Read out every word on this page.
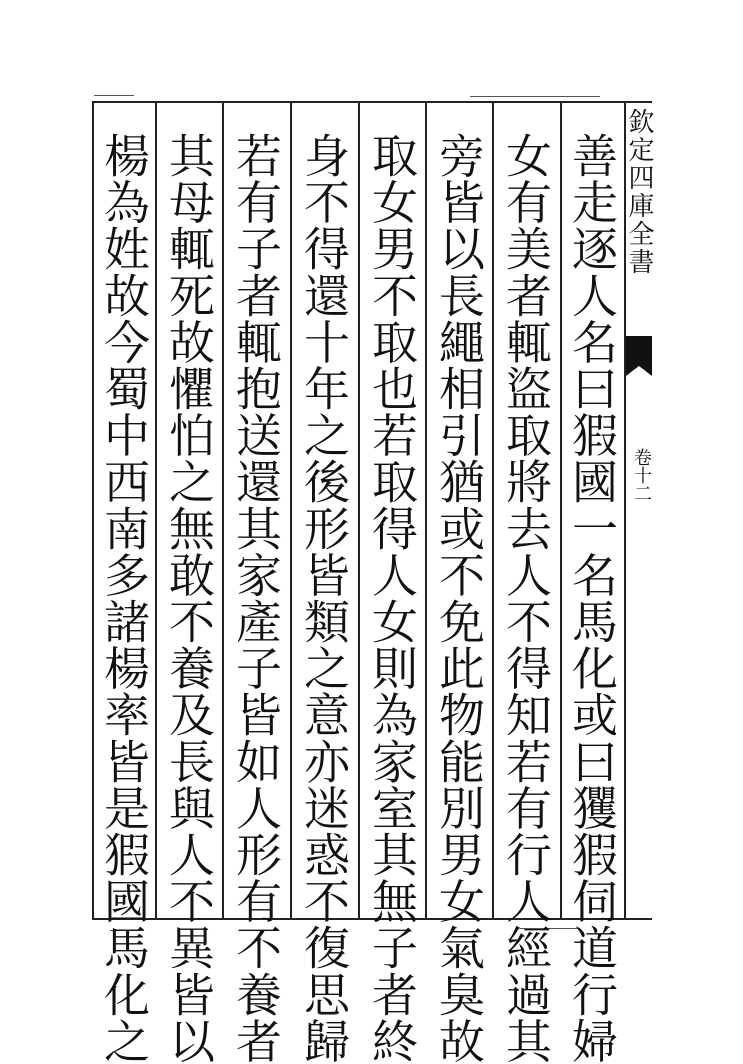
善走逐人名曰猳國一名馬化或曰玃猳伺道行婦
女有美者輒盜取將去人不得知若有行人經過其
旁皆以長繩相引猶或不免此物能別男女氣臭故
取女男不取也若取得人女則為家室其無子者終
身不得還十年之後形皆類之意亦迷惑不復思歸
若有子者輒抱送還其家產子皆如人形有不養者
其母輒死故懼怕之無敢不養及長與人不異皆以
楊為姓故今蜀中西南多諸楊率皆是猳國馬化之	欽定四庫全書
卷十二
